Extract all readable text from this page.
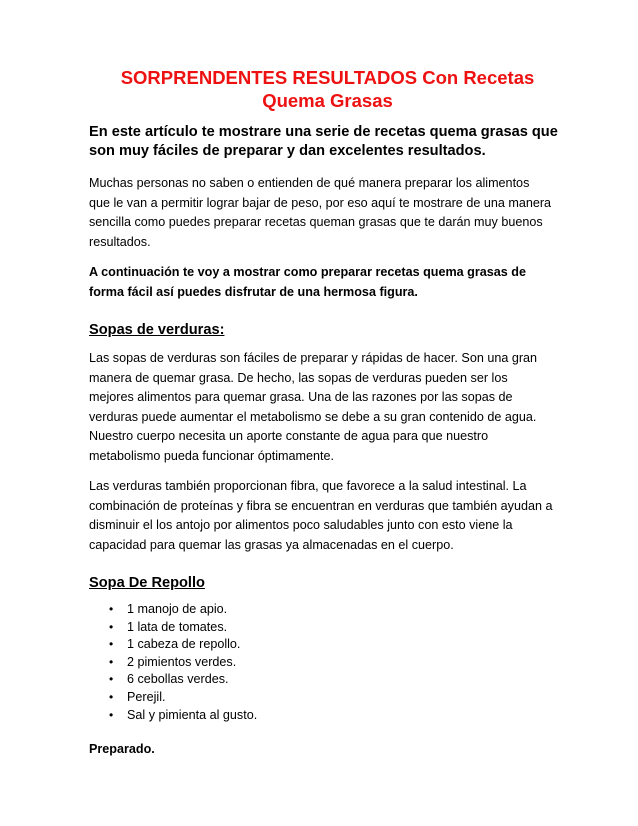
SORPRENDENTES RESULTADOS Con Recetas
Quema Grasas
En este artículo te mostrare una serie de recetas quema grasas que
son muy fáciles de preparar y dan excelentes resultados.
Muchas personas no saben o entienden de qué manera preparar los alimentos
que le van a permitir lograr bajar de peso, por eso aquí te mostrare de una manera
sencilla como puedes preparar recetas queman grasas que te darán muy buenos
resultados.
A continuación te voy a mostrar como preparar recetas quema grasas de
forma fácil así puedes disfrutar de una hermosa figura.
Sopas de verduras:
Las sopas de verduras son fáciles de preparar y rápidas de hacer. Son una gran
manera de quemar grasa. De hecho, las sopas de verduras pueden ser los
mejores alimentos para quemar grasa. Una de las razones por las sopas de
verduras puede aumentar el metabolismo se debe a su gran contenido de agua.
Nuestro cuerpo necesita un aporte constante de agua para que nuestro
metabolismo pueda funcionar óptimamente.
Las verduras también proporcionan fibra, que favorece a la salud intestinal. La
combinación de proteínas y fibra se encuentran en verduras que también ayudan a
disminuir el los antojo por alimentos poco saludables junto con esto viene la
capacidad para quemar las grasas ya almacenadas en el cuerpo.
Sopa De Repollo
• 1 manojo de apio.
• 1 lata de tomates.
• 1 cabeza de repollo.
• 2 pimientos verdes.
• 6 cebollas verdes.
• Perejil.
• Sal y pimienta al gusto.
Preparado.
